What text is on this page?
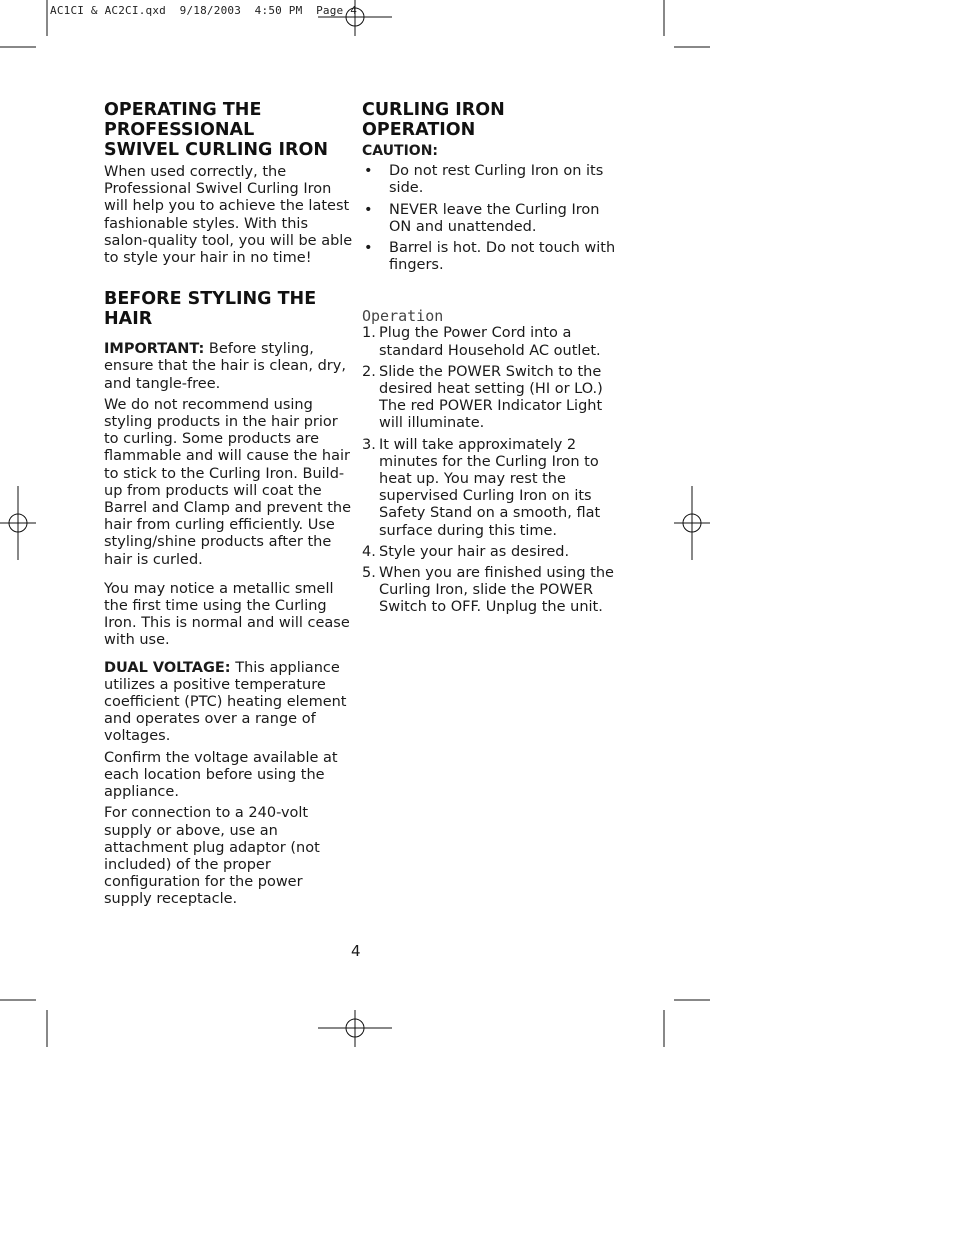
AC1CI & AC2CI.qxd  9/18/2003  4:50 PM  Page 4
OPERATING THE
PROFESSIONAL
SWIVEL CURLING IRON

When used correctly, the Professional Swivel Curling Iron will help you to achieve the latest fashionable styles. With this salon-quality tool, you will be able to style your hair in no time!

BEFORE STYLING THE HAIR

IMPORTANT: Before styling, ensure that the hair is clean, dry, and tangle-free.

We do not recommend using styling products in the hair prior to curling. Some products are flammable and will cause the hair to stick to the Curling Iron. Build-up from products will coat the Barrel and Clamp and prevent the hair from curling efficiently. Use styling/shine products after the hair is curled.

You may notice a metallic smell the first time using the Curling Iron. This is normal and will cease with use.

DUAL VOLTAGE: This appliance utilizes a positive temperature coefficient (PTC) heating element and operates over a range of voltages.

Confirm the voltage available at each location before using the appliance.

For connection to a 240-volt supply or above, use an attachment plug adaptor (not included) of the proper configuration for the power supply receptacle.

CURLING IRON OPERATION
CAUTION:
• Do not rest Curling Iron on its side.
• NEVER leave the Curling Iron ON and unattended.
• Barrel is hot. Do not touch with fingers.
Operation
1. Plug the Power Cord into a standard Household AC outlet.
2. Slide the POWER Switch to the desired heat setting (HI or LO.) The red POWER Indicator Light will illuminate.
3. It will take approximately 2 minutes for the Curling Iron to heat up. You may rest the supervised Curling Iron on its Safety Stand on a smooth, flat surface during this time.
4. Style your hair as desired.
5. When you are finished using the Curling Iron, slide the POWER Switch to OFF. Unplug the unit.
4
